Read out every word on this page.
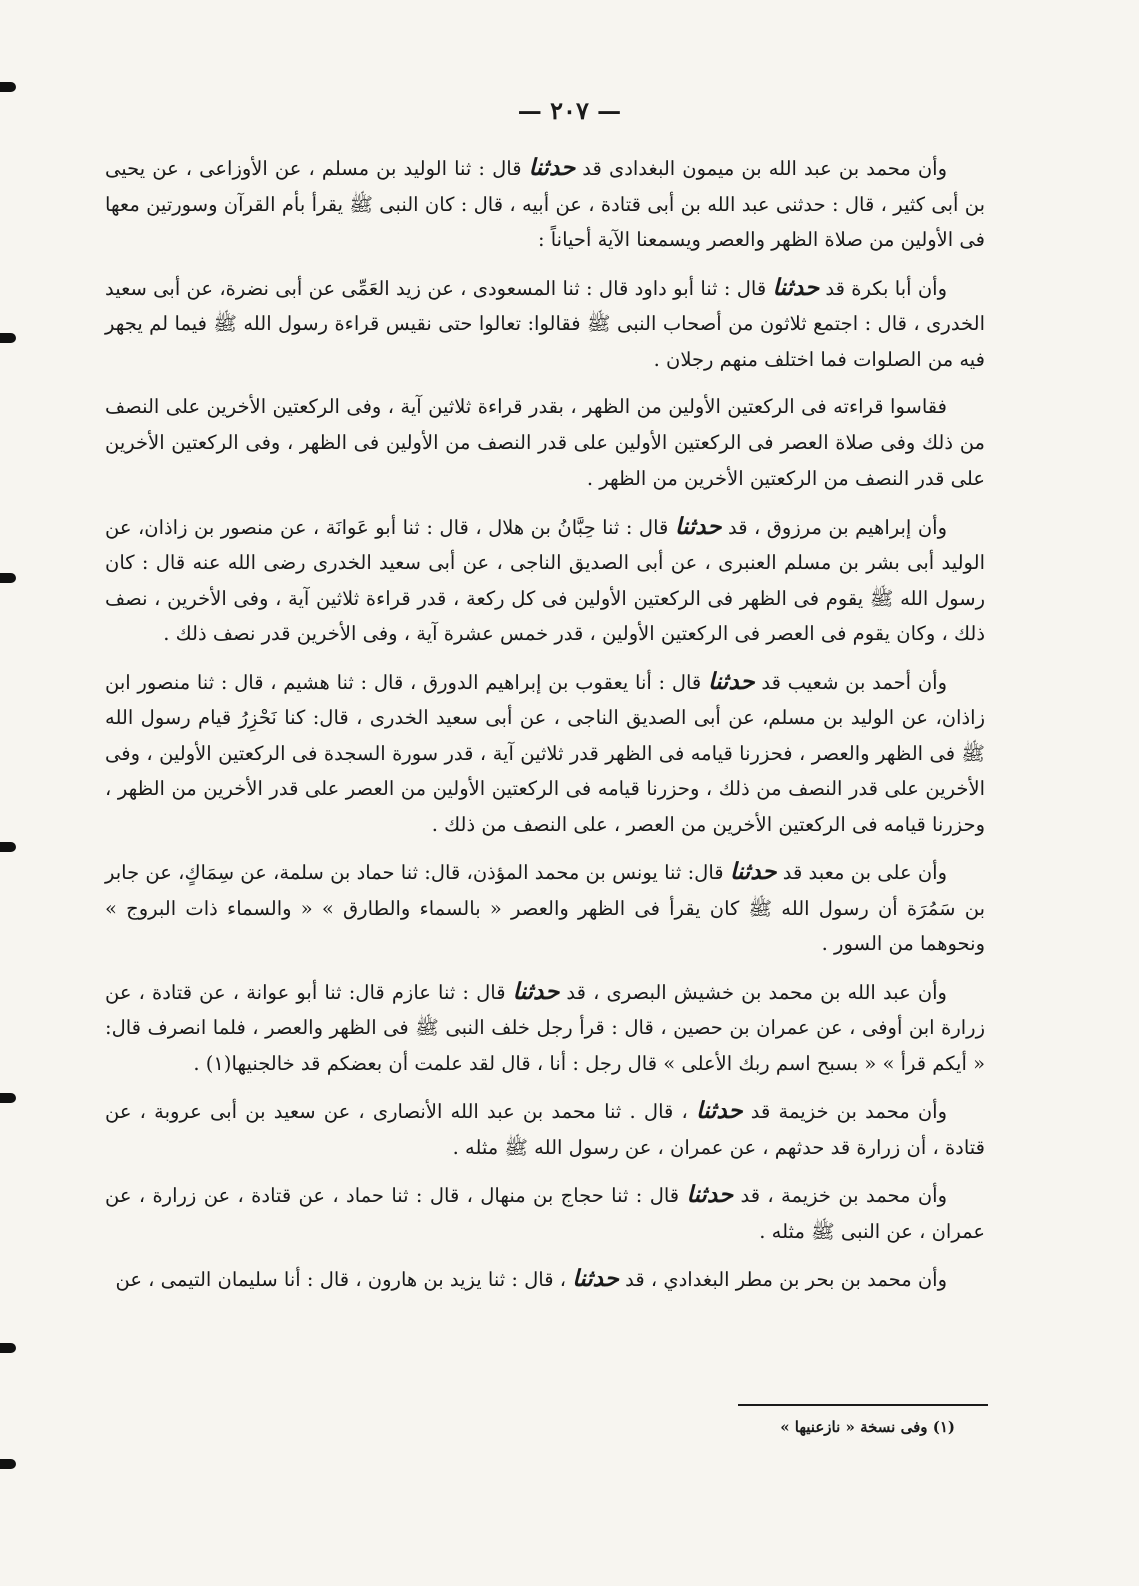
— ٢٠٧ —

وأن محمد بن عبد الله بن ميمون البغدادى قد حدثنا قال : ثنا الوليد بن مسلم ، عن الأوزاعى ، عن يحيى بن أبى كثير ، قال : حدثنى عبد الله بن أبى قتادة ، عن أبيه ، قال : كان النبى ﷺ يقرأ بأم القرآن وسورتين معها فى الأولين من صلاة الظهر والعصر ويسمعنا الآية أحياناً :

وأن أبا بكرة قد حدثنا قال : ثنا أبو داود قال : ثنا المسعودى ، عن زيد العَمِّى عن أبى نضرة، عن أبى سعيد الخدرى ، قال : اجتمع ثلاثون من أصحاب النبى ﷺ فقالوا: تعالوا حتى نقيس قراءة رسول الله ﷺ فيما لم يجهر فيه من الصلوات فما اختلف منهم رجلان .

فقاسوا قراءته فى الركعتين الأولين من الظهر ، بقدر قراءة ثلاثين آية ، وفى الركعتين الأخرين على النصف من ذلك وفى صلاة العصر فى الركعتين الأولين على قدر النصف من الأولين فى الظهر ، وفى الركعتين الأخرين على قدر النصف من الركعتين الأخرين من الظهر .

وأن إبراهيم بن مرزوق ، قد حدثنا قال : ثنا حِبَّانُ بن هلال ، قال : ثنا أبو عَوانَة ، عن منصور بن زاذان، عن الوليد أبى بشر بن مسلم العنبرى ، عن أبى الصديق الناجى ، عن أبى سعيد الخدرى رضى الله عنه قال : كان رسول الله ﷺ يقوم فى الظهر فى الركعتين الأولين فى كل ركعة ، قدر قراءة ثلاثين آية ، وفى الأخرين ، نصف ذلك ، وكان يقوم فى العصر فى الركعتين الأولين ، قدر خمس عشرة آية ، وفى الأخرين قدر نصف ذلك .

وأن أحمد بن شعيب قد حدثنا قال : أنا يعقوب بن إبراهيم الدورق ، قال : ثنا هشيم ، قال : ثنا منصور ابن زاذان، عن الوليد بن مسلم، عن أبى الصديق الناجى ، عن أبى سعيد الخدرى ، قال: كنا نَحْزِرُ قيام رسول الله ﷺ فى الظهر والعصر ، فحزرنا قيامه فى الظهر قدر ثلاثين آية ، قدر سورة السجدة فى الركعتين الأولين ، وفى الأخرين على قدر النصف من ذلك ، وحزرنا قيامه فى الركعتين الأولين من العصر على قدر الأخرين من الظهر ، وحزرنا قيامه فى الركعتين الأخرين من العصر ، على النصف من ذلك .

وأن على بن معبد قد حدثنا قال: ثنا يونس بن محمد المؤذن، قال: ثنا حماد بن سلمة، عن سِمَاكٍ، عن جابر بن سَمُرَة أن رسول الله ﷺ كان يقرأ فى الظهر والعصر « بالسماء والطارق » « والسماء ذات البروج » ونحوهما من السور .

وأن عبد الله بن محمد بن خشيش البصرى ، قد حدثنا قال : ثنا عازم قال: ثنا أبو عوانة ، عن قتادة ، عن زرارة ابن أوفى ، عن عمران بن حصين ، قال : قرأ رجل خلف النبى ﷺ فى الظهر والعصر ، فلما انصرف قال: « أيكم قرأ » « بسبح اسم ربك الأعلى » قال رجل : أنا ، قال لقد علمت أن بعضكم قد خالجنيها(١) .

وأن محمد بن خزيمة قد حدثنا ، قال . ثنا محمد بن عبد الله الأنصارى ، عن سعيد بن أبى عروبة ، عن قتادة ، أن زرارة قد حدثهم ، عن عمران ، عن رسول الله ﷺ مثله .

وأن محمد بن خزيمة ، قد حدثنا قال : ثنا حجاج بن منهال ، قال : ثنا حماد ، عن قتادة ، عن زرارة ، عن عمران ، عن النبى ﷺ مثله .

وأن محمد بن بحر بن مطر البغدادي ، قد حدثنا ، قال : ثنا يزيد بن هارون ، قال : أنا سليمان التيمى ، عن

(١) وفى نسخة « نازعنيها »
